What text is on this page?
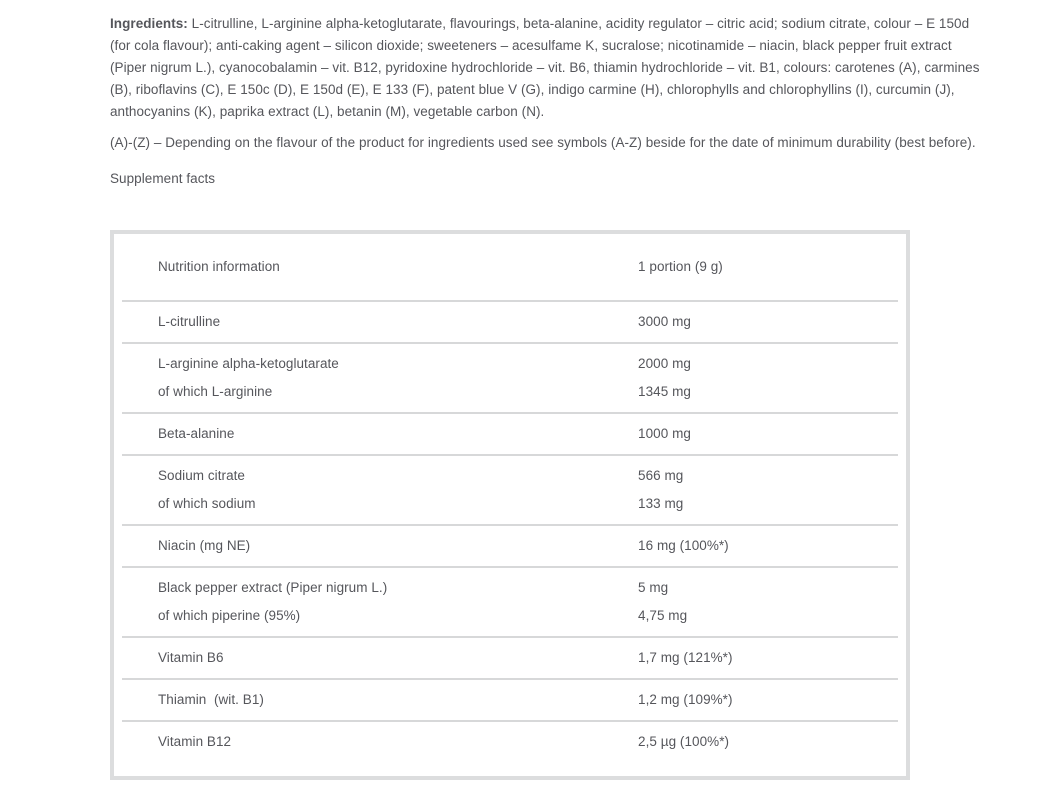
Ingredients: L-citrulline, L-arginine alpha-ketoglutarate, flavourings, beta-alanine, acidity regulator – citric acid; sodium citrate, colour – E 150d (for cola flavour); anti-caking agent – silicon dioxide; sweeteners – acesulfame K, sucralose; nicotinamide – niacin, black pepper fruit extract (Piper nigrum L.), cyanocobalamin – vit. B12, pyridoxine hydrochloride – vit. B6, thiamin hydrochloride – vit. B1, colours: carotenes (A), carmines (B), riboflavins (C), E 150c (D), E 150d (E), E 133 (F), patent blue V (G), indigo carmine (H), chlorophylls and chlorophyllins (I), curcumin (J), anthocyanins (K), paprika extract (L), betanin (M), vegetable carbon (N).

(A)-(Z) – Depending on the flavour of the product for ingredients used see symbols (A-Z) beside for the date of minimum durability (best before).

Supplement facts

Nutrition information	1 portion (9 g)
L-citrulline	3000 mg
L-arginine alpha-ketoglutarate	2000 mg
of which L-arginine	1345 mg
Beta-alanine	1000 mg
Sodium citrate	566 mg
of which sodium	133 mg
Niacin (mg NE)	16 mg (100%*)
Black pepper extract (Piper nigrum L.)	5 mg
of which piperine (95%)	4,75 mg
Vitamin B6	1,7 mg (121%*)
Thiamin  (wit. B1)	1,2 mg (109%*)
Vitamin B12	2,5 µg (100%*)
